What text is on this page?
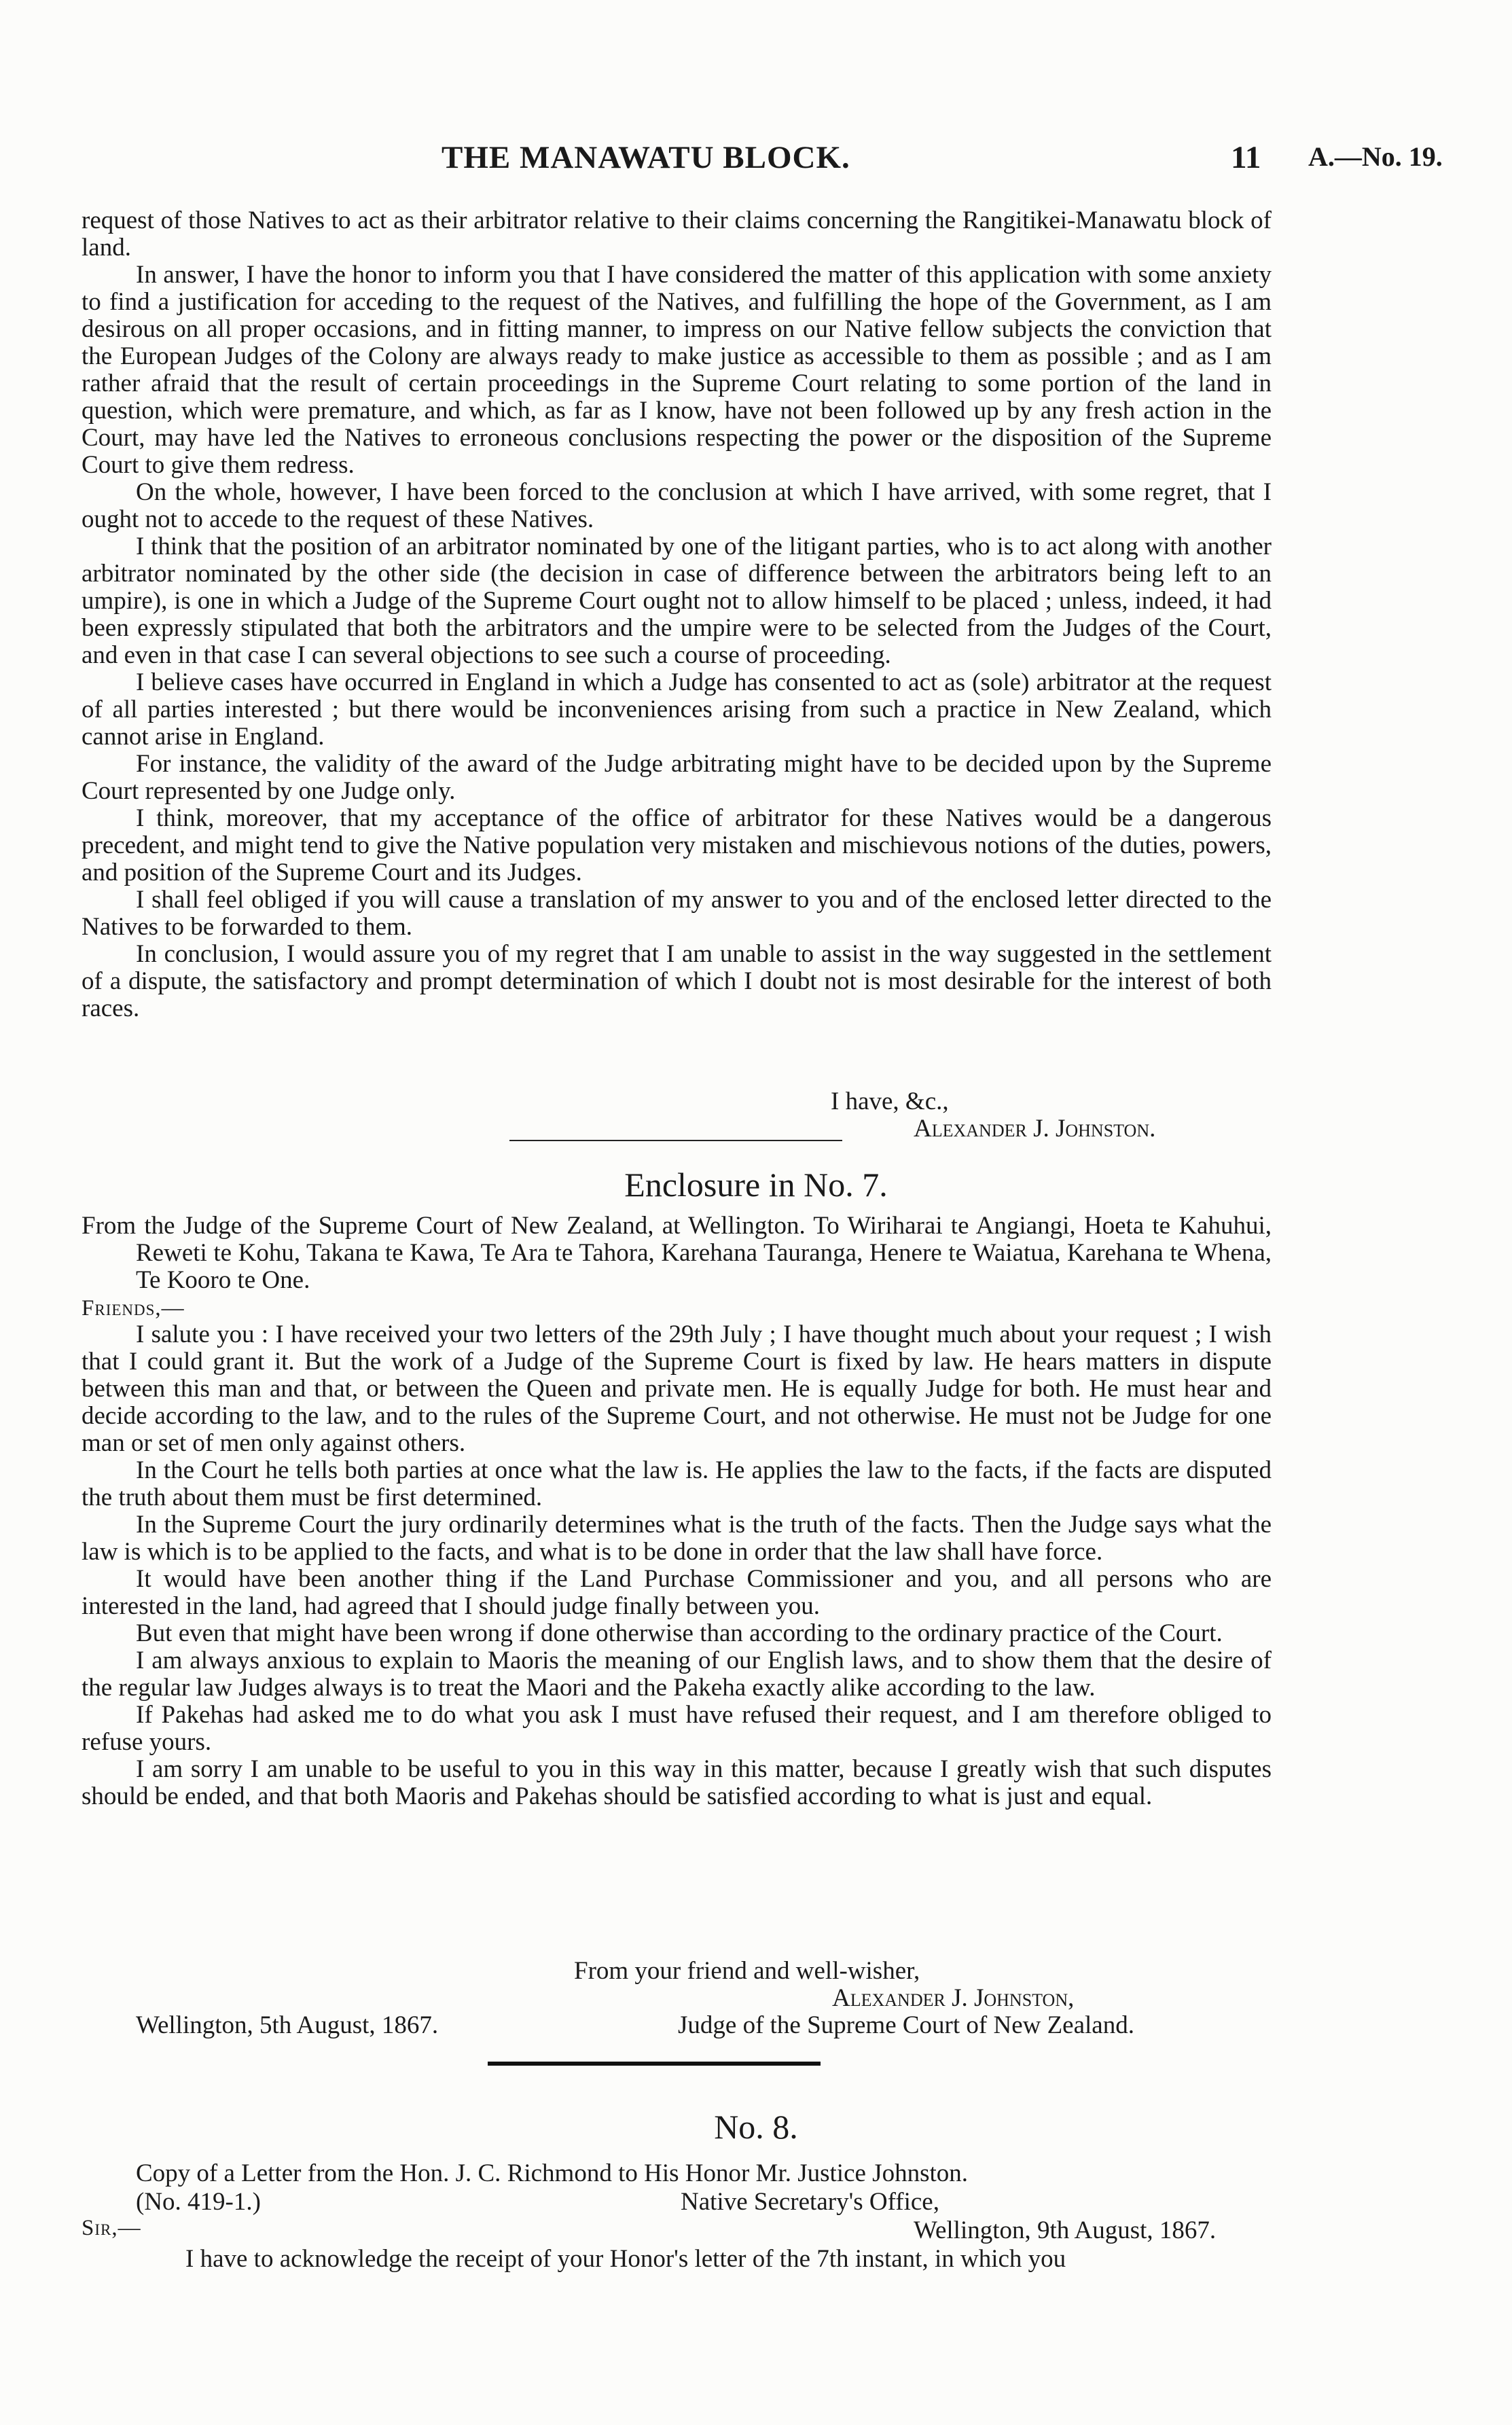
THE MANAWATU BLOCK.	11 A.—No. 19.

request of those Natives to act as their arbitrator relative to their claims concerning the Rangitikei-Manawatu block of land.

In answer, I have the honor to inform you that I have considered the matter of this application with some anxiety to find a justification for acceding to the request of the Natives, and fulfilling the hope of the Government, as I am desirous on all proper occasions, and in fitting manner, to impress on our Native fellow subjects the conviction that the European Judges of the Colony are always ready to make justice as accessible to them as possible ; and as I am rather afraid that the result of certain proceedings in the Supreme Court relating to some portion of the land in question, which were premature, and which, as far as I know, have not been followed up by any fresh action in the Court, may have led the Natives to erroneous conclusions respecting the power or the disposition of the Supreme Court to give them redress.

On the whole, however, I have been forced to the conclusion at which I have arrived, with some regret, that I ought not to accede to the request of these Natives.

I think that the position of an arbitrator nominated by one of the litigant parties, who is to act along with another arbitrator nominated by the other side (the decision in case of difference between the arbitrators being left to an umpire), is one in which a Judge of the Supreme Court ought not to allow himself to be placed ; unless, indeed, it had been expressly stipulated that both the arbitrators and the umpire were to be selected from the Judges of the Court, and even in that case I can several objections to see such a course of proceeding.

I believe cases have occurred in England in which a Judge has consented to act as (sole) arbitrator at the request of all parties interested ; but there would be inconveniences arising from such a practice in New Zealand, which cannot arise in England.

For instance, the validity of the award of the Judge arbitrating might have to be decided upon by the Supreme Court represented by one Judge only.

I think, moreover, that my acceptance of the office of arbitrator for these Natives would be a dangerous precedent, and might tend to give the Native population very mistaken and mischievous notions of the duties, powers, and position of the Supreme Court and its Judges.

I shall feel obliged if you will cause a translation of my answer to you and of the enclosed letter directed to the Natives to be forwarded to them.

In conclusion, I would assure you of my regret that I am unable to assist in the way suggested in the settlement of a dispute, the satisfactory and prompt determination of which I doubt not is most desirable for the interest of both races.

I have, &c.,
Alexander J. Johnston.
Enclosure in No. 7.

From the Judge of the Supreme Court of New Zealand, at Wellington. To Wiriharai te Angiangi, Hoeta te Kahuhui, Reweti te Kohu, Takana te Kawa, Te Ara te Tahora, Karehana Tauranga, Henere te Waiatua, Karehana te Whena, Te Kooro te One.

Friends,—

I salute you : I have received your two letters of the 29th July ; I have thought much about your request ; I wish that I could grant it. But the work of a Judge of the Supreme Court is fixed by law. He hears matters in dispute between this man and that, or between the Queen and private men. He is equally Judge for both. He must hear and decide according to the law, and to the rules of the Supreme Court, and not otherwise. He must not be Judge for one man or set of men only against others.

In the Court he tells both parties at once what the law is. He applies the law to the facts, if the facts are disputed the truth about them must be first determined.

In the Supreme Court the jury ordinarily determines what is the truth of the facts. Then the Judge says what the law is which is to be applied to the facts, and what is to be done in order that the law shall have force.

It would have been another thing if the Land Purchase Commissioner and you, and all persons who are interested in the land, had agreed that I should judge finally between you.

But even that might have been wrong if done otherwise than according to the ordinary practice of the Court.

I am always anxious to explain to Maoris the meaning of our English laws, and to show them that the desire of the regular law Judges always is to treat the Maori and the Pakeha exactly alike according to the law.

If Pakehas had asked me to do what you ask I must have refused their request, and I am therefore obliged to refuse yours.

I am sorry I am unable to be useful to you in this way in this matter, because I greatly wish that such disputes should be ended, and that both Maoris and Pakehas should be satisfied according to what is just and equal.

From your friend and well-wisher,
Alexander J. Johnston,
Wellington, 5th August, 1867.	Judge of the Supreme Court of New Zealand.
No. 8.
Copy of a Letter from the Hon. J. C. Richmond to His Honor Mr. Justice Johnston.
(No. 419-1.)	Native Secretary's Office,
Sir,—	Wellington, 9th August, 1867.
I have to acknowledge the receipt of your Honor's letter of the 7th instant, in which you
